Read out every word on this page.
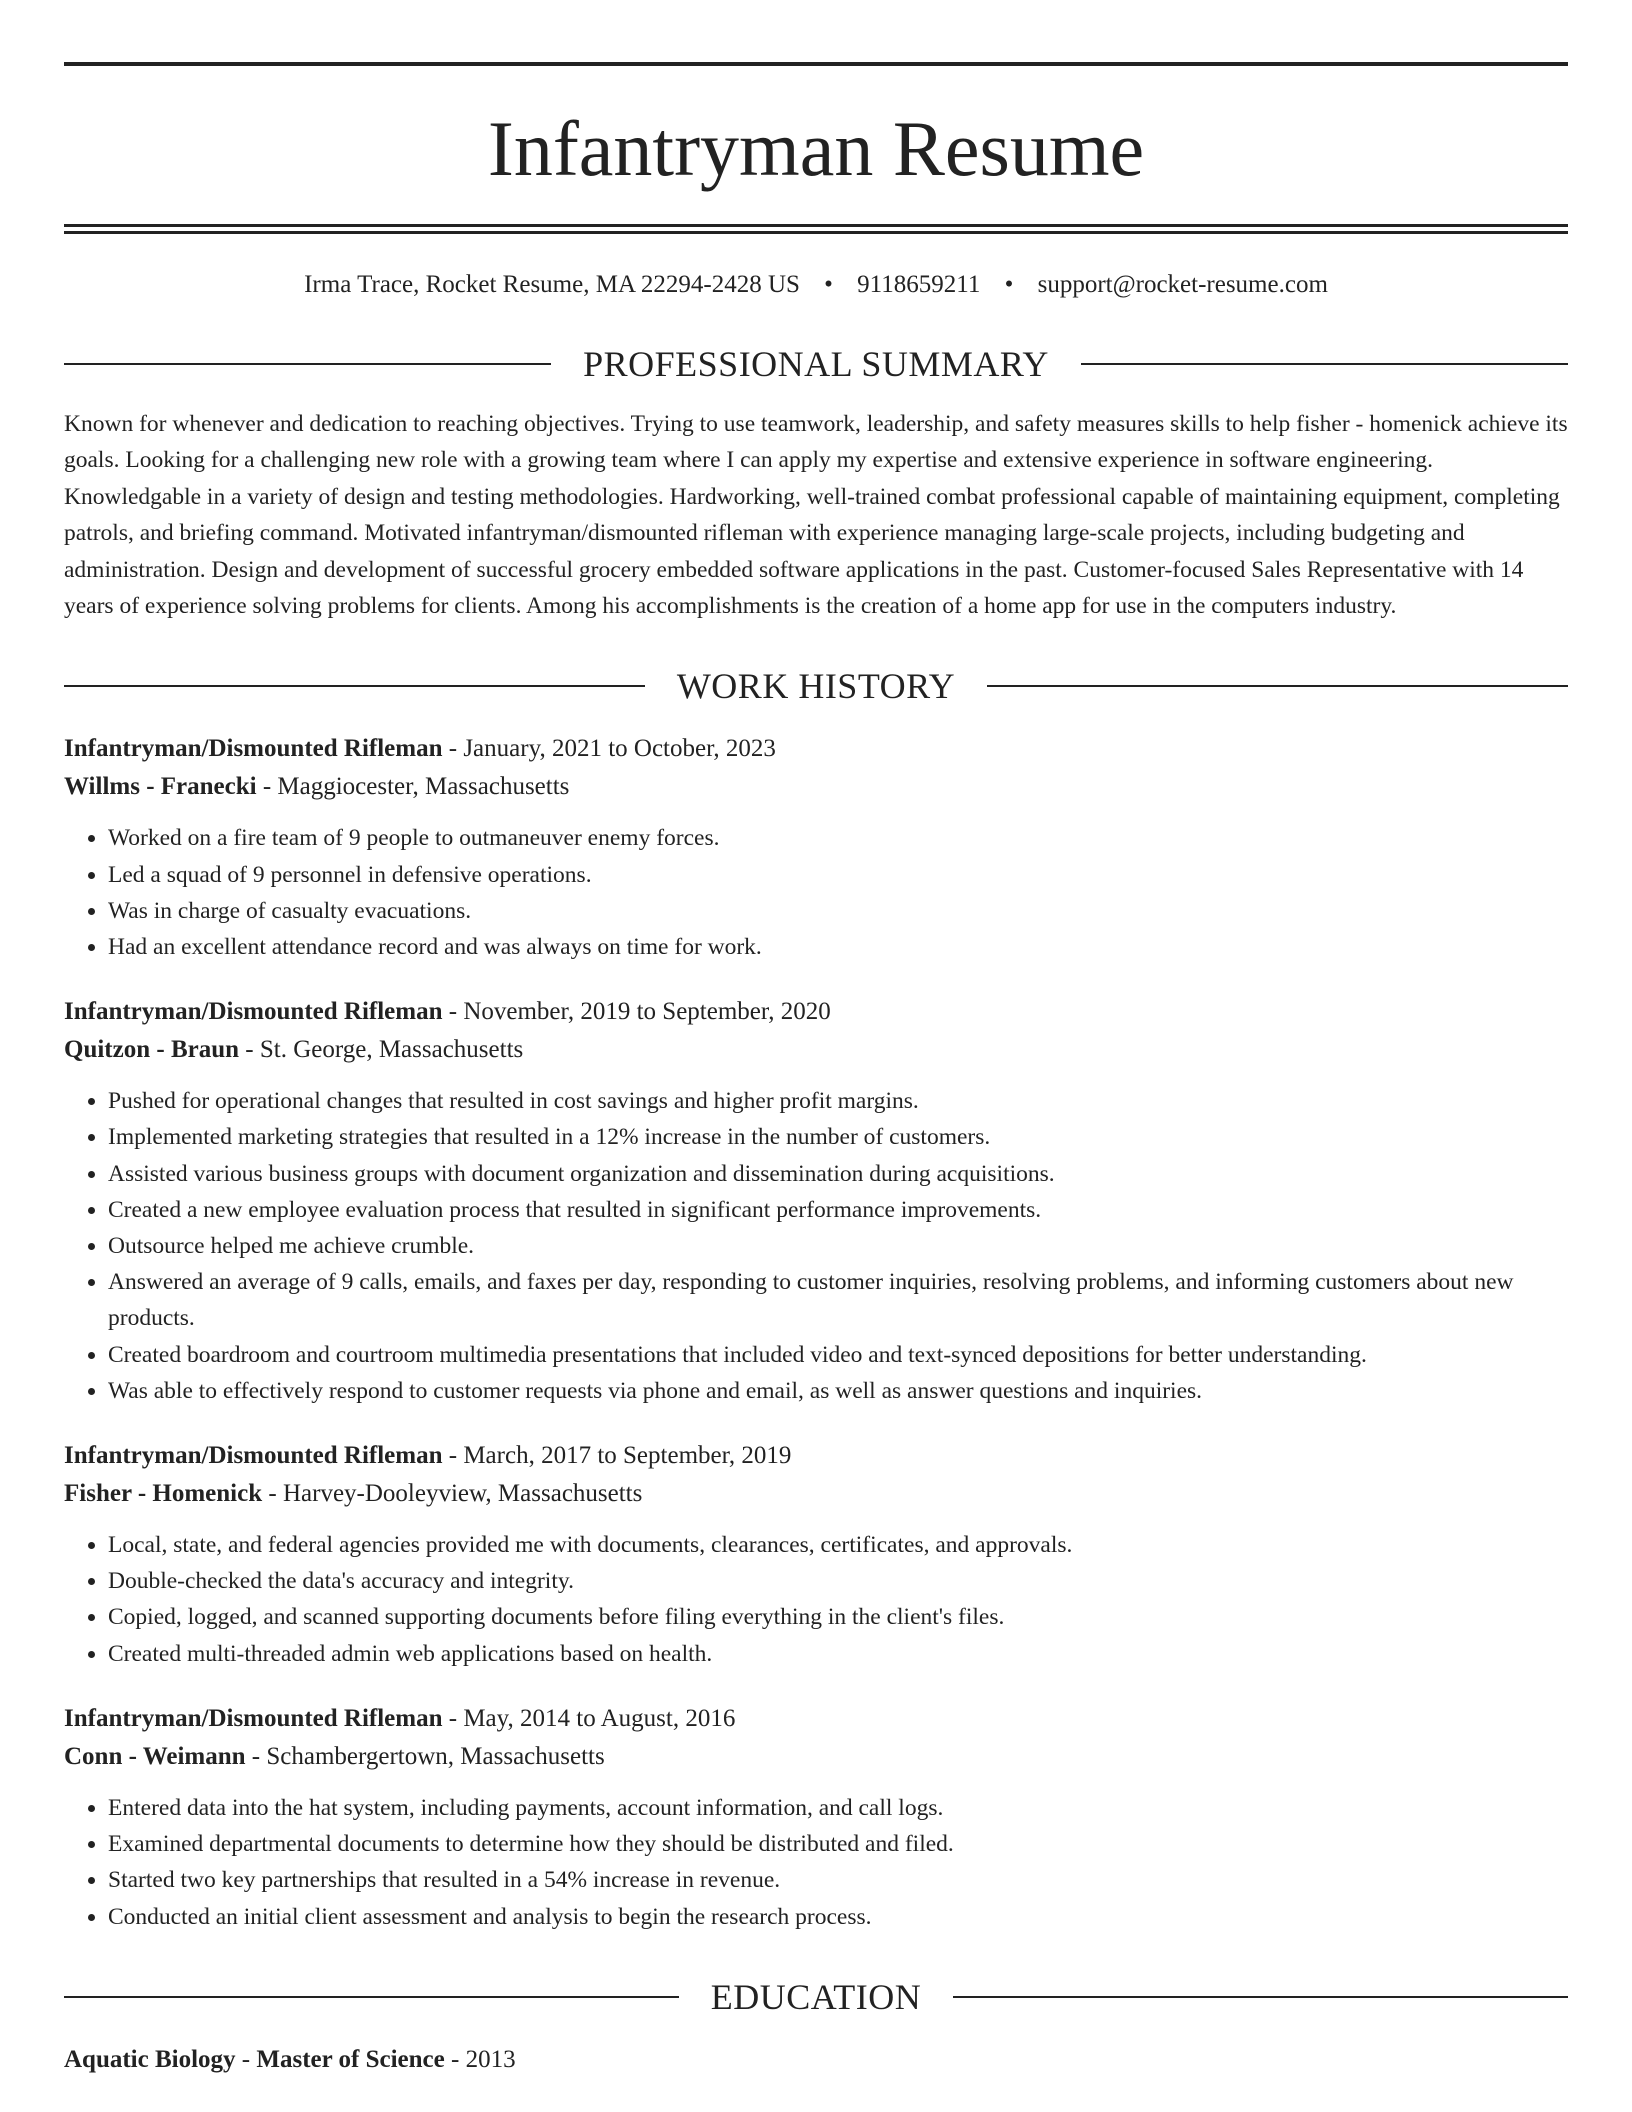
Infantryman Resume
Irma Trace, Rocket Resume, MA 22294-2428 US • 9118659211 • support@rocket-resume.com
PROFESSIONAL SUMMARY

Known for whenever and dedication to reaching objectives. Trying to use teamwork, leadership, and safety measures skills to help fisher - homenick achieve its goals. Looking for a challenging new role with a growing team where I can apply my expertise and extensive experience in software engineering. Knowledgable in a variety of design and testing methodologies. Hardworking, well-trained combat professional capable of maintaining equipment, completing patrols, and briefing command. Motivated infantryman/dismounted rifleman with experience managing large-scale projects, including budgeting and administration. Design and development of successful grocery embedded software applications in the past. Customer-focused Sales Representative with 14 years of experience solving problems for clients. Among his accomplishments is the creation of a home app for use in the computers industry.

WORK HISTORY
Infantryman/Dismounted Rifleman - January, 2021 to October, 2023
Willms - Franecki - Maggiocester, Massachusetts
• Worked on a fire team of 9 people to outmaneuver enemy forces.
• Led a squad of 9 personnel in defensive operations.
• Was in charge of casualty evacuations.
• Had an excellent attendance record and was always on time for work.
Infantryman/Dismounted Rifleman - November, 2019 to September, 2020
Quitzon - Braun - St. George, Massachusetts
• Pushed for operational changes that resulted in cost savings and higher profit margins.
• Implemented marketing strategies that resulted in a 12% increase in the number of customers.
• Assisted various business groups with document organization and dissemination during acquisitions.
• Created a new employee evaluation process that resulted in significant performance improvements.
• Outsource helped me achieve crumble.
• Answered an average of 9 calls, emails, and faxes per day, responding to customer inquiries, resolving problems, and informing customers about new products.
• Created boardroom and courtroom multimedia presentations that included video and text-synced depositions for better understanding.
• Was able to effectively respond to customer requests via phone and email, as well as answer questions and inquiries.
Infantryman/Dismounted Rifleman - March, 2017 to September, 2019
Fisher - Homenick - Harvey-Dooleyview, Massachusetts
• Local, state, and federal agencies provided me with documents, clearances, certificates, and approvals.
• Double-checked the data's accuracy and integrity.
• Copied, logged, and scanned supporting documents before filing everything in the client's files.
• Created multi-threaded admin web applications based on health.
Infantryman/Dismounted Rifleman - May, 2014 to August, 2016
Conn - Weimann - Schambergertown, Massachusetts
• Entered data into the hat system, including payments, account information, and call logs.
• Examined departmental documents to determine how they should be distributed and filed.
• Started two key partnerships that resulted in a 54% increase in revenue.
• Conducted an initial client assessment and analysis to begin the research process.
EDUCATION
Aquatic Biology - Master of Science - 2013
